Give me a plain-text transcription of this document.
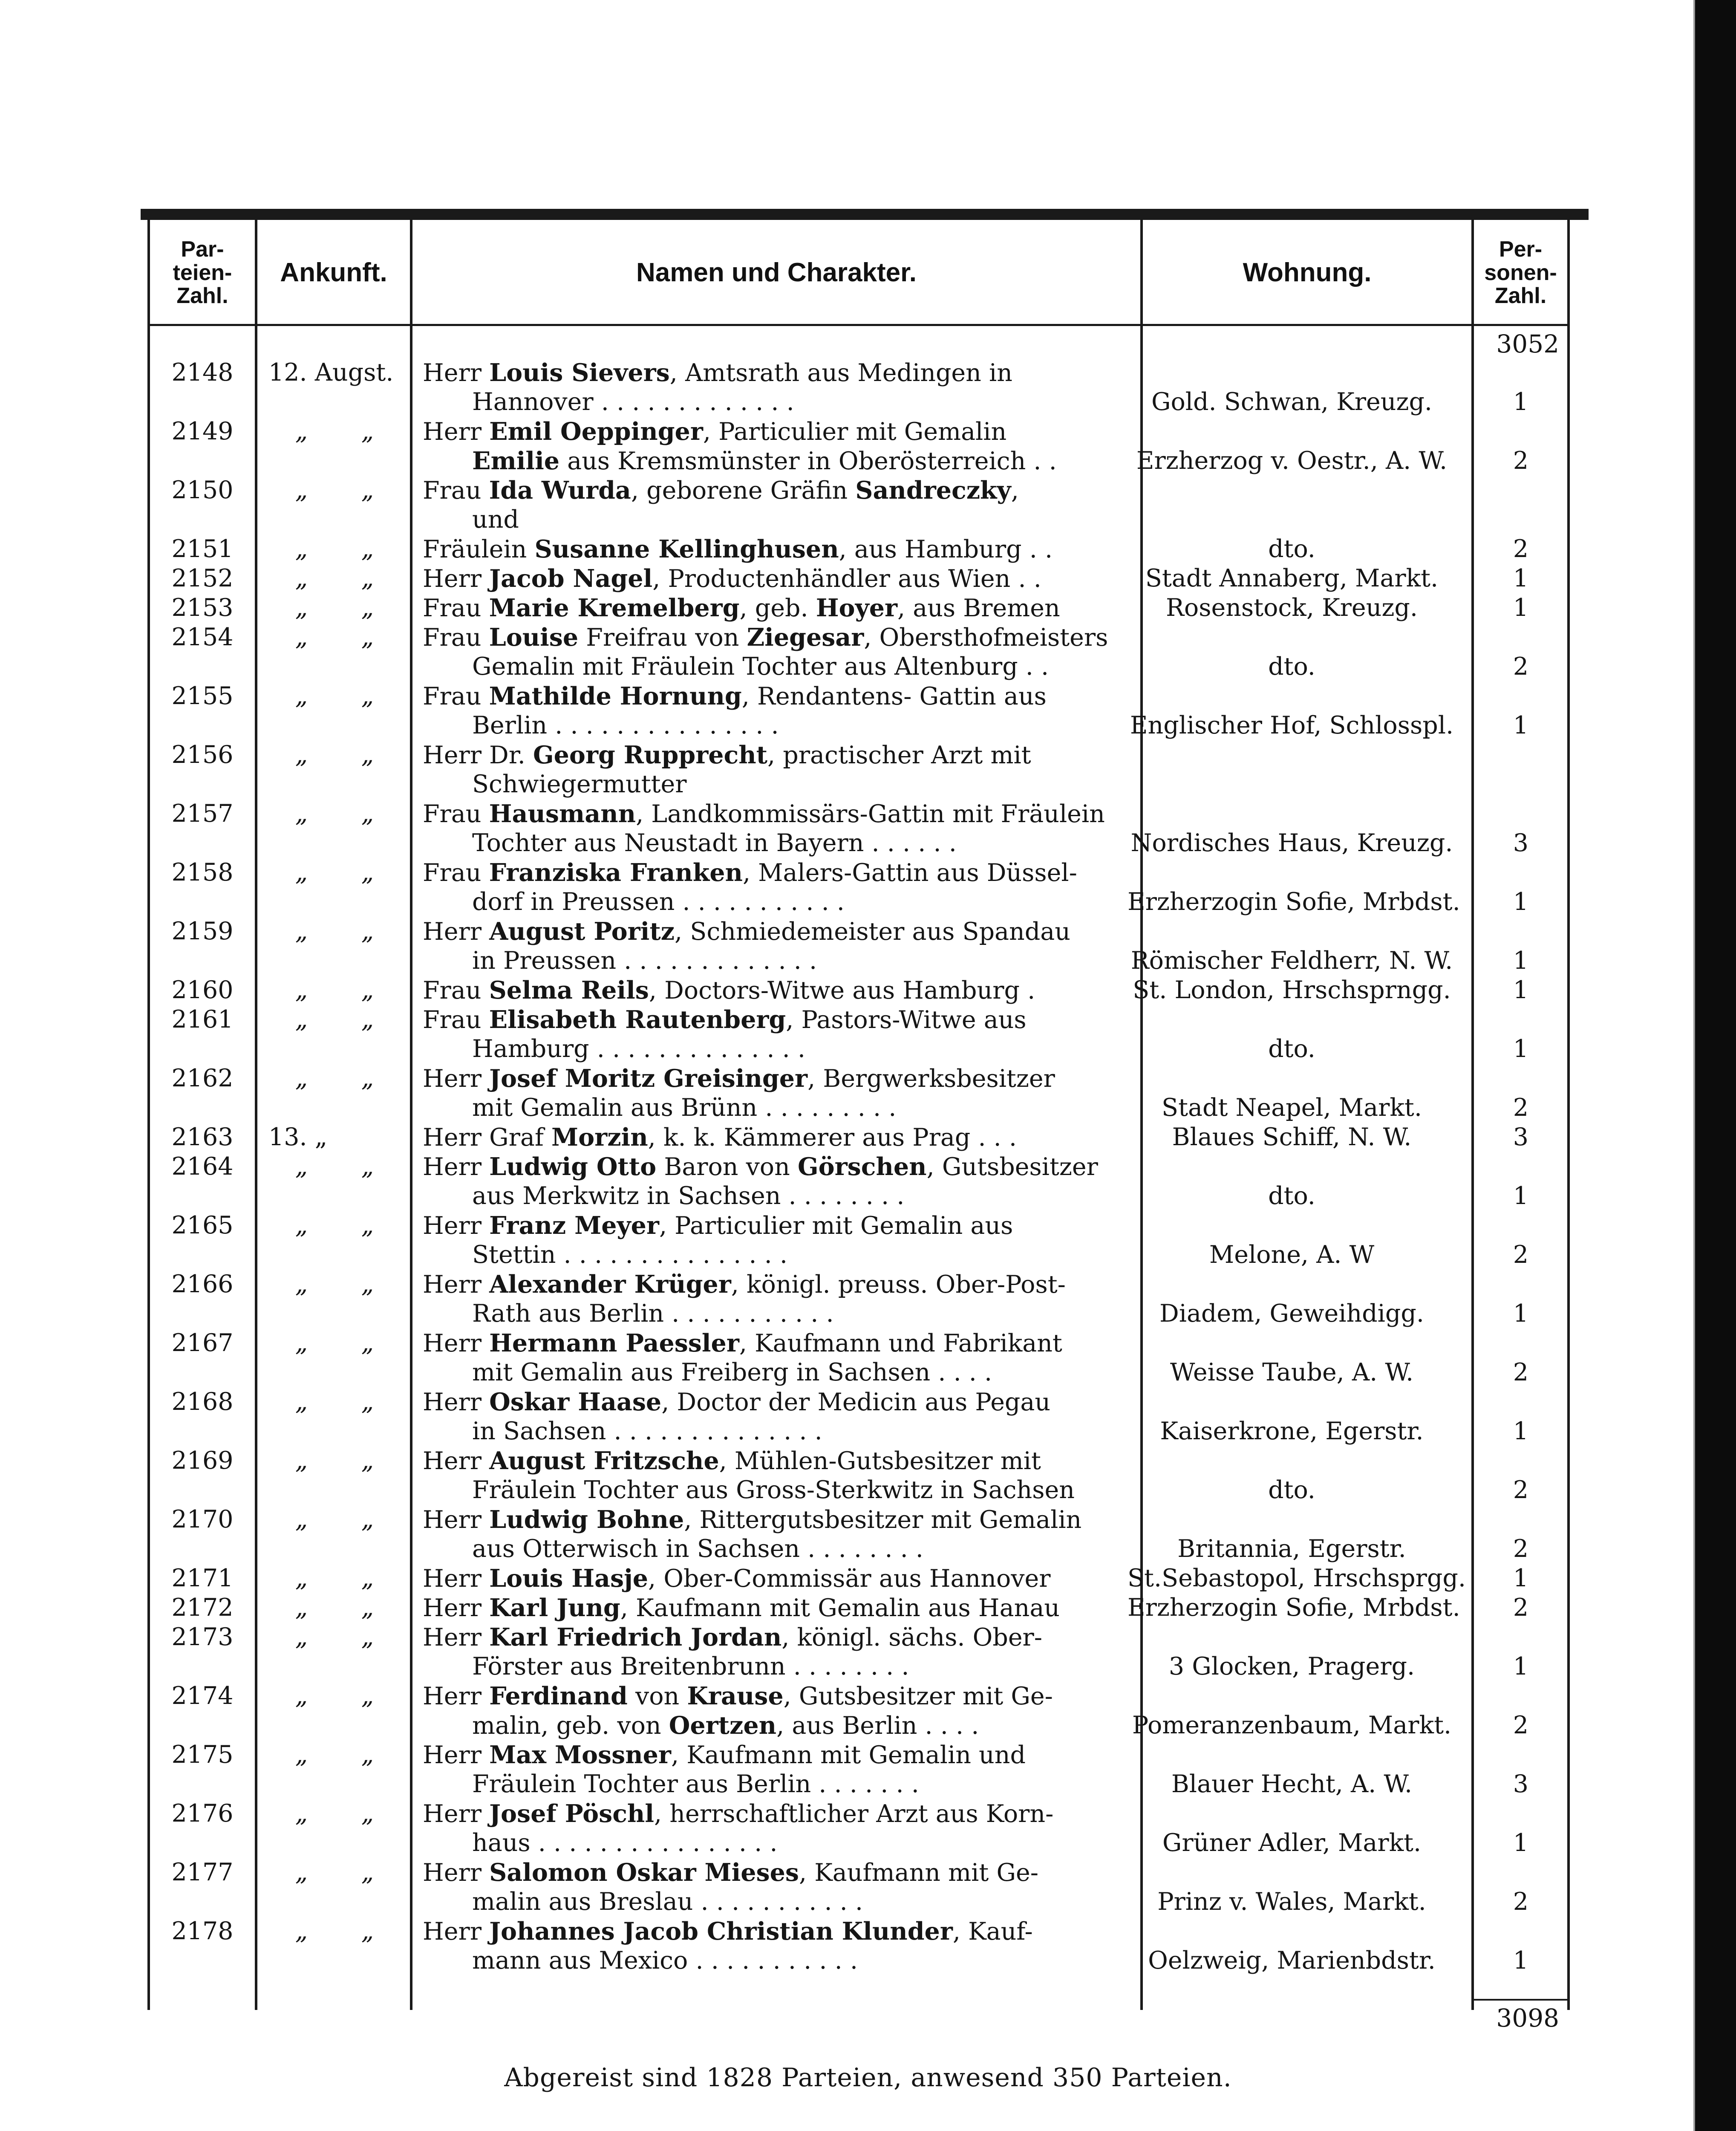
Par-
teien-
Zahl.
Ankunft.	Namen und Charakter.	Wohnung.
Per-
sonen-
Zahl.
3052
2148	12. Augst.	Herr Louis Sievers, Amtsrath aus Medingen in
Hannover . . . . . . . . . . . . .	Gold. Schwan, Kreuzg.	1
2149	„	„	Herr Emil Oeppinger, Particulier mit Gemalin
Emilie aus Kremsmünster in Oberösterreich . .	Erzherzog v. Oestr., A. W.	2
2150	„	„	Frau Ida Wurda, geborene Gräfin Sandreczky,
und
2151	„	„	Fräulein Susanne Kellinghusen, aus Hamburg . .	dto.	2
2152	„	„	Herr Jacob Nagel, Productenhändler aus Wien . .	Stadt Annaberg, Markt.	1
2153	„	„	Frau Marie Kremelberg, geb. Hoyer, aus Bremen	Rosenstock, Kreuzg.	1
2154	„	„	Frau Louise Freifrau von Ziegesar, Obersthofmeisters
Gemalin mit Fräulein Tochter aus Altenburg . .	dto.	2
2155	„	„	Frau Mathilde Hornung, Rendantens- Gattin aus
Berlin . . . . . . . . . . . . . . .	Englischer Hof, Schlosspl.	1
2156	„	„	Herr Dr. Georg Rupprecht, practischer Arzt mit
Schwiegermutter
2157	„	„	Frau Hausmann, Landkommissärs-Gattin mit Fräulein
Tochter aus Neustadt in Bayern . . . . . .	Nordisches Haus, Kreuzg.	3
2158	„	„	Frau Franziska Franken, Malers-Gattin aus Düssel-
dorf in Preussen . . . . . . . . . . .	Erzherzogin Sofie, Mrbdst.	1
2159	„	„	Herr August Poritz, Schmiedemeister aus Spandau
in Preussen . . . . . . . . . . . . .	Römischer Feldherr, N. W.	1
2160	„	„	Frau Selma Reils, Doctors-Witwe aus Hamburg .	St. London, Hrschsprngg.	1
2161	„	„	Frau Elisabeth Rautenberg, Pastors-Witwe aus
Hamburg . . . . . . . . . . . . . .	dto.	1
2162	„	„	Herr Josef Moritz Greisinger, Bergwerksbesitzer
mit Gemalin aus Brünn . . . . . . . . .	Stadt Neapel, Markt.	2
2163	13. „	Herr Graf Morzin, k. k. Kämmerer aus Prag . . .	Blaues Schiff, N. W.	3
2164	„	„	Herr Ludwig Otto Baron von Görschen, Gutsbesitzer
aus Merkwitz in Sachsen . . . . . . . .	dto.	1
2165	„	„	Herr Franz Meyer, Particulier mit Gemalin aus
Stettin . . . . . . . . . . . . . . .	Melone, A. W	2
2166	„	„	Herr Alexander Krüger, königl. preuss. Ober-Post-
Rath aus Berlin . . . . . . . . . . .	Diadem, Geweihdigg.	1
2167	„	„	Herr Hermann Paessler, Kaufmann und Fabrikant
mit Gemalin aus Freiberg in Sachsen . . . .	Weisse Taube, A. W.	2
2168	„	„	Herr Oskar Haase, Doctor der Medicin aus Pegau
in Sachsen . . . . . . . . . . . . . .	Kaiserkrone, Egerstr.	1
2169	„	„	Herr August Fritzsche, Mühlen-Gutsbesitzer mit
Fräulein Tochter aus Gross-Sterkwitz in Sachsen	dto.	2
2170	„	„	Herr Ludwig Bohne, Rittergutsbesitzer mit Gemalin
aus Otterwisch in Sachsen . . . . . . . .	Britannia, Egerstr.	2
2171	„	„	Herr Louis Hasje, Ober-Commissär aus Hannover	St.Sebastopol, Hrschsprgg.	1
2172	„	„	Herr Karl Jung, Kaufmann mit Gemalin aus Hanau	Erzherzogin Sofie, Mrbdst.	2
2173	„	„	Herr Karl Friedrich Jordan, königl. sächs. Ober-
Förster aus Breitenbrunn . . . . . . . .	3 Glocken, Pragerg.	1
2174	„	„	Herr Ferdinand von Krause, Gutsbesitzer mit Ge-
malin, geb. von Oertzen, aus Berlin . . . .	Pomeranzenbaum, Markt.	2
2175	„	„	Herr Max Mossner, Kaufmann mit Gemalin und
Fräulein Tochter aus Berlin . . . . . . .	Blauer Hecht, A. W.	3
2176	„	„	Herr Josef Pöschl, herrschaftlicher Arzt aus Korn-
haus . . . . . . . . . . . . . . . .	Grüner Adler, Markt.	1
2177	„	„	Herr Salomon Oskar Mieses, Kaufmann mit Ge-
malin aus Breslau . . . . . . . . . . .	Prinz v. Wales, Markt.	2
2178	„	„	Herr Johannes Jacob Christian Klunder, Kauf-
mann aus Mexico . . . . . . . . . . .	Oelzweig, Marienbdstr.	1
3098
Abgereist sind 1828 Parteien, anwesend 350 Parteien.
